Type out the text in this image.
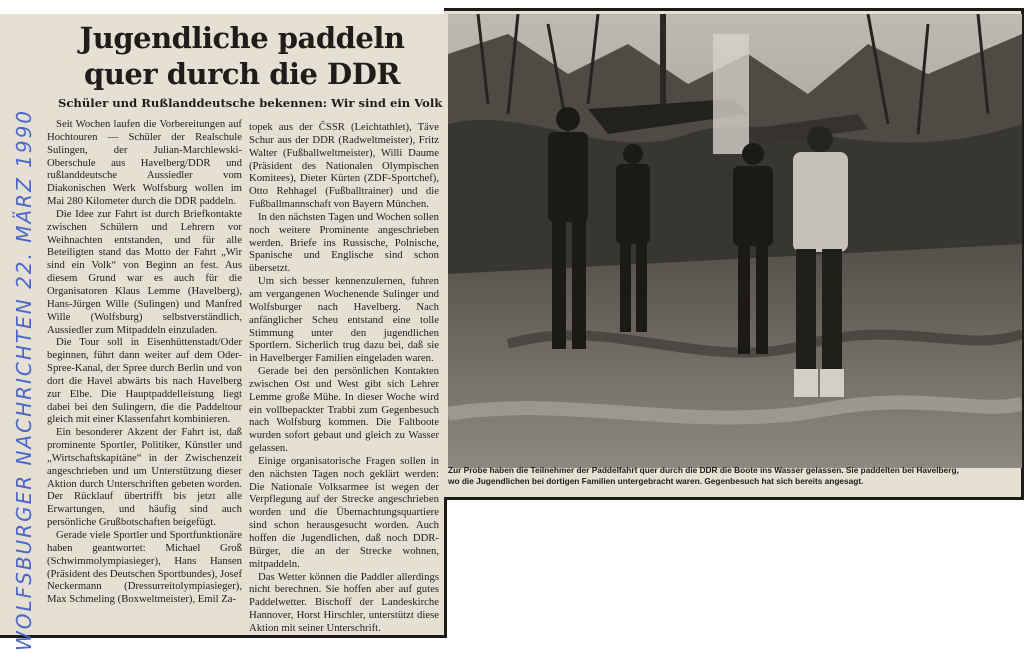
WOLFSBURGER NACHRICHTEN 22. MÄRZ 1990
Jugendliche paddeln
quer durch die DDR
Schüler und Rußlanddeutsche bekennen: Wir sind ein Volk

Seit Wochen laufen die Vorbereitungen auf Hochtouren — Schüler der Realschule Sulingen, der Julian-Marchlewski-Oberschule aus Havelberg/DDR und rußlanddeutsche Aussiedler vom Diakonischen Werk Wolfsburg wollen im Mai 280 Kilometer durch die DDR paddeln.

Die Idee zur Fahrt ist durch Briefkontakte zwischen Schülern und Lehrern vor Weihnachten entstanden, und für alle Beteiligten stand das Motto der Fahrt „Wir sind ein Volk“ von Beginn an fest. Aus diesem Grund war es auch für die Organisatoren Klaus Lemme (Havelberg), Hans-Jürgen Wille (Sulingen) und Manfred Wille (Wolfsburg) selbstverständlich, Aussiedler zum Mitpaddeln einzuladen.

Die Tour soll in Eisenhüttenstadt/Oder beginnen, führt dann weiter auf dem Oder-Spree-Kanal, der Spree durch Berlin und von dort die Havel abwärts bis nach Havelberg zur Elbe. Die Hauptpaddelleistung liegt dabei bei den Sulingern, die die Paddeltour gleich mit einer Klassenfahrt kombinieren.

Ein besonderer Akzent der Fahrt ist, daß prominente Sportler, Politiker, Künstler und „Wirtschaftskapitäne“ in der Zwischenzeit angeschrieben und um Unterstützung dieser Aktion durch Unterschriften gebeten worden. Der Rücklauf übertrifft bis jetzt alle Erwartungen, und häufig sind auch persönliche Grußbotschaften beigefügt.

Gerade viele Sportler und Sportfunktionäre haben geantwortet: Michael Groß (Schwimmolympiasieger), Hans Hansen (Präsident des Deutschen Sportbundes), Josef Neckermann (Dressurreitolympiasieger), Max Schmeling (Boxweltmeister), Emil Za-

topek aus der ČSSR (Leichtathlet), Täve Schur aus der DDR (Radweltmeister), Fritz Walter (Fußballweltmeister), Willi Daume (Präsident des Nationalen Olympischen Komitees), Dieter Kürten (ZDF-Sportchef), Otto Rehhagel (Fußballtrainer) und die Fußballmannschaft von Bayern München.

In den nächsten Tagen und Wochen sollen noch weitere Prominente angeschrieben werden. Briefe ins Russische, Polnische, Spanische und Englische sind schon übersetzt.

Um sich besser kennenzulernen, fuhren am vergangenen Wochenende Sulinger und Wolfsburger nach Havelberg. Nach anfänglicher Scheu entstand eine tolle Stimmung unter den jugendlichen Sportlern. Sicherlich trug dazu bei, daß sie in Havelberger Familien eingeladen waren.

Gerade bei den persönlichen Kontakten zwischen Ost und West gibt sich Lehrer Lemme große Mühe. In dieser Woche wird ein vollbepackter Trabbi zum Gegenbesuch nach Wolfsburg kommen. Die Faltboote wurden sofort gebaut und gleich zu Wasser gelassen.

Einige organisatorische Fragen sollen in den nächsten Tagen noch geklärt werden: Die Nationale Volksarmee ist wegen der Verpflegung auf der Strecke angeschrieben worden und die Übernachtungsquartiere sind schon herausgesucht worden. Auch hoffen die Jugendlichen, daß noch DDR-Bürger, die an der Strecke wohnen, mitpaddeln.

Das Wetter können die Paddler allerdings nicht berechnen. Sie hoffen aber auf gutes Paddelwetter. Bischoff der Landeskirche Hannover, Horst Hirschler, unterstützt diese Aktion mit seiner Unterschrift.

Zur Probe haben die Teilnehmer der Paddelfahrt quer durch die DDR die Boote ins Wasser gelassen. Sie paddelten bei Havelberg,
wo die Jugendlichen bei dortigen Familien untergebracht waren. Gegenbesuch hat sich bereits angesagt.
